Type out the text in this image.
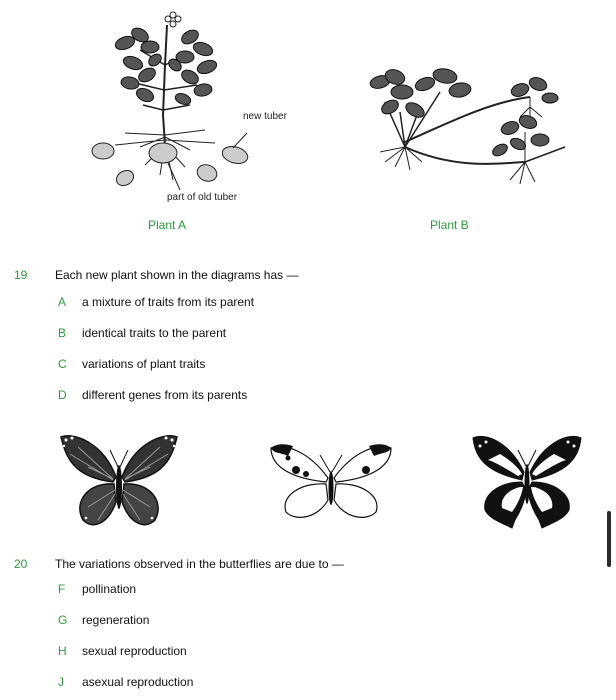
new tuber
part of old tuber
Plant A	Plant B
19 Each new plant shown in the diagrams has —
A a mixture of traits from its parent
B identical traits to the parent
C variations of plant traits
D different genes from its parents
20 The variations observed in the butterflies are due to —
F pollination
G regeneration
H sexual reproduction
J asexual reproduction
